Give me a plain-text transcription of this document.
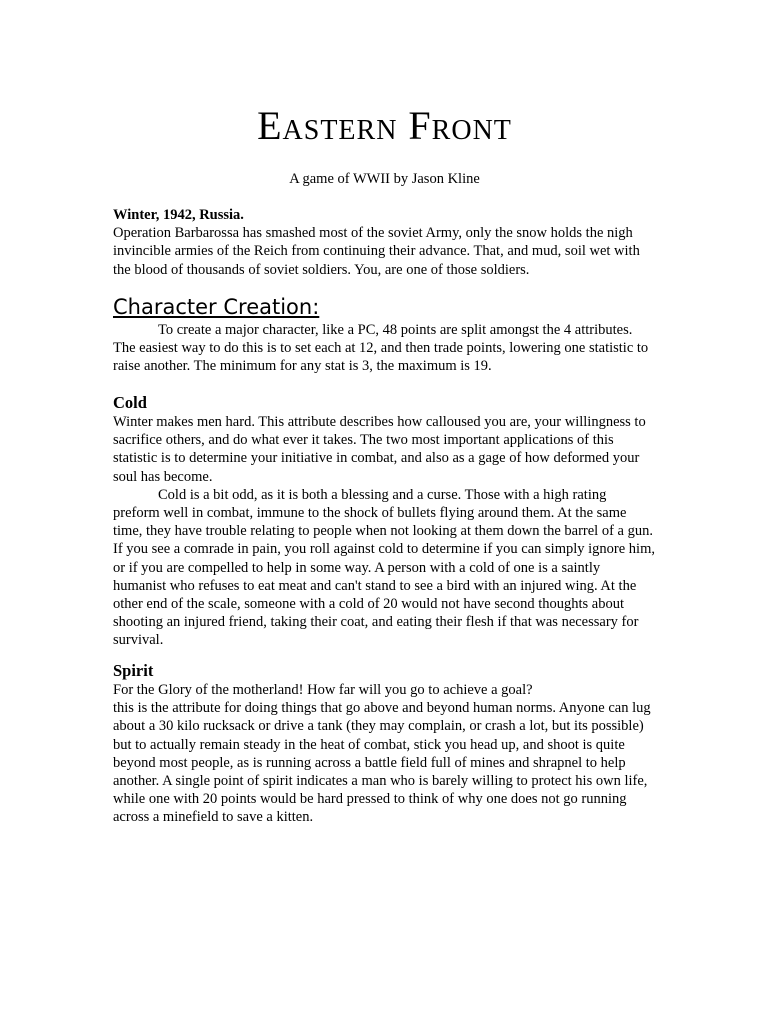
Eastern Front

A game of WWII by Jason Kline

Winter, 1942, Russia.

Operation Barbarossa has smashed most of the soviet Army, only the snow holds the nigh invincible armies of the Reich from continuing their advance. That, and mud, soil wet with the blood of thousands of soviet soldiers. You, are one of those soldiers.

Character Creation:

To create a major character, like a PC, 48 points are split amongst the 4 attributes. The easiest way to do this is to set each at 12, and then trade points, lowering one statistic to raise another. The minimum for any stat is 3, the maximum is 19.

Cold

Winter makes men hard. This attribute describes how calloused you are, your willingness to sacrifice others, and do what ever it takes. The two most important applications of this statistic is to determine your initiative in combat, and also as a gage of how deformed your soul has become.

Cold is a bit odd, as it is both a blessing and a curse. Those with a high rating preform well in combat, immune to the shock of bullets flying around them. At the same time, they have trouble relating to people when not looking at them down the barrel of a gun. If you see a comrade in pain, you roll against cold to determine if you can simply ignore him, or if you are compelled to help in some way. A person with a cold of one is a saintly humanist who refuses to eat meat and can't stand to see a bird with an injured wing. At the other end of the scale, someone with a cold of 20 would not have second thoughts about shooting an injured friend, taking their coat, and eating their flesh if that was necessary for survival.

Spirit

For the Glory of the motherland! How far will you go to achieve a goal?

this is the attribute for doing things that go above and beyond human norms. Anyone can lug about a 30 kilo rucksack or drive a tank (they may complain, or crash a lot, but its possible) but to actually remain steady in the heat of combat, stick you head up, and shoot is quite beyond most people, as is running across a battle field full of mines and shrapnel to help another. A single point of spirit indicates a man who is barely willing to protect his own life, while one with 20 points would be hard pressed to think of why one does not go running across a minefield to save a kitten.
